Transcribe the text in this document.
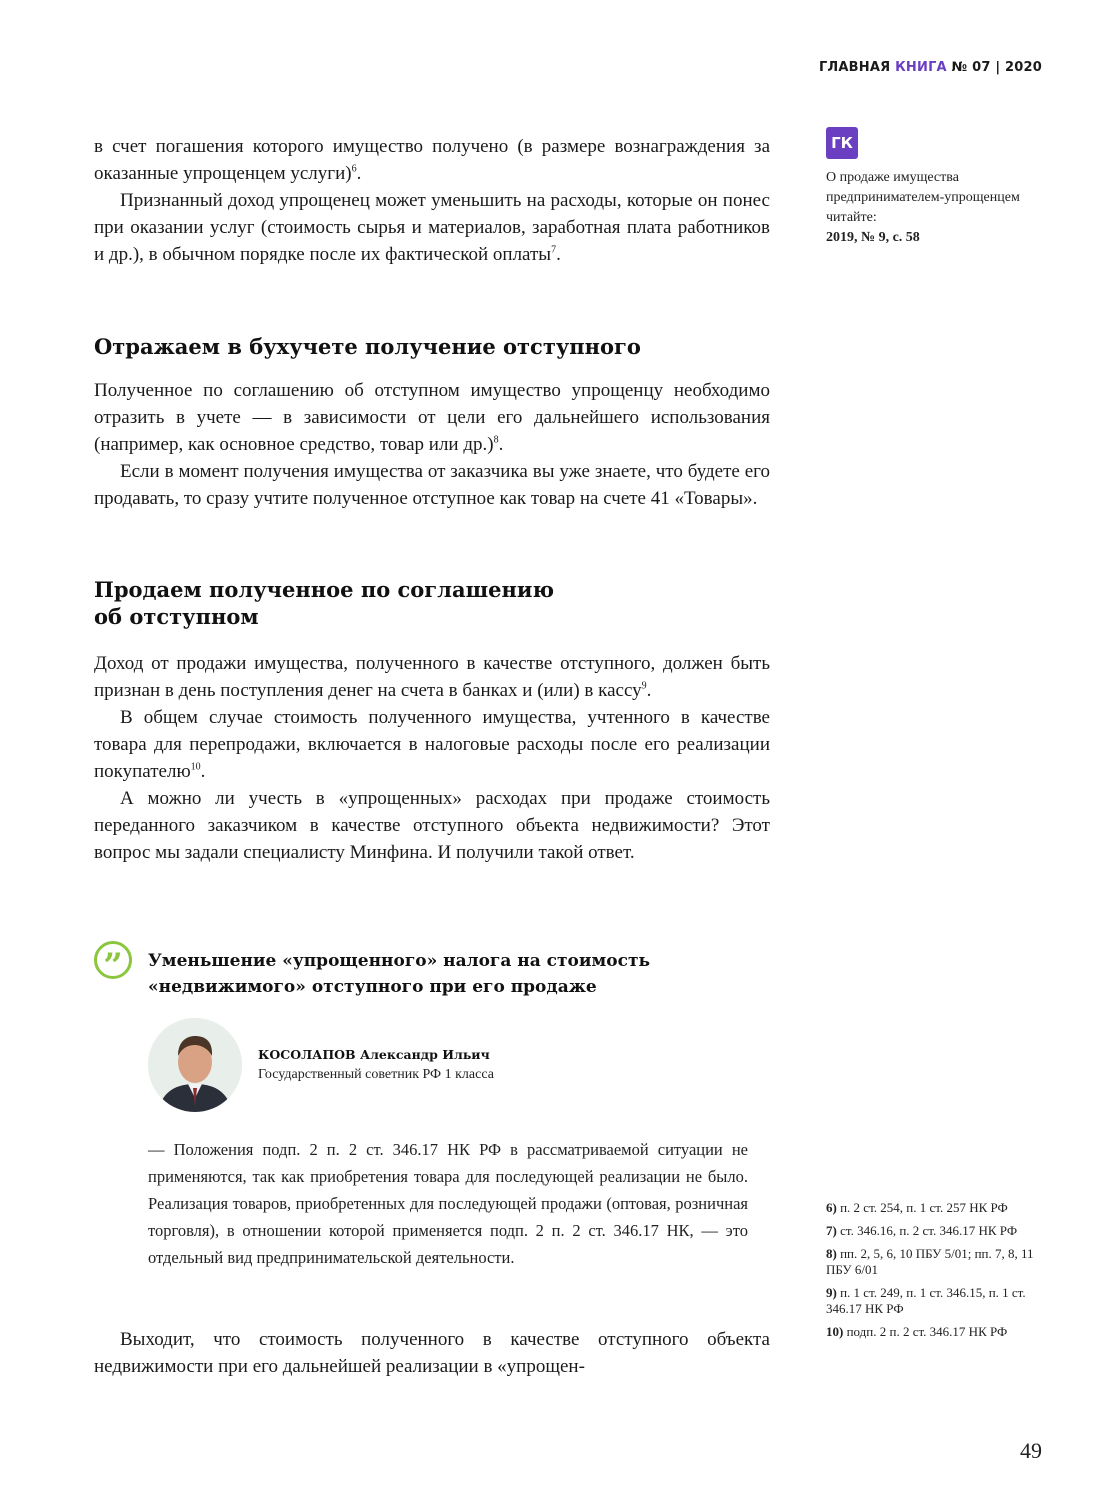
ГЛАВНАЯ КНИГА № 07 | 2020

в счет погашения которого имущество получено (в размере вознаграждения за оказанные упрощенцем услуги)$^6$.

Признанный доход упрощенец может уменьшить на расходы, которые он понес при оказании услуг (стоимость сырья и материалов, заработная плата работников и др.), в обычном порядке после их фактической оплаты$^7$.

Отражаем в бухучете получение отступного

Полученное по соглашению об отступном имущество упрощенцу необходимо отразить в учете — в зависимости от цели его дальнейшего использования (например, как основное средство, товар или др.)$^8$.

Если в момент получения имущества от заказчика вы уже знаете, что будете его продавать, то сразу учтите полученное отступное как товар на счете 41 «Товары».

Продаем полученное по соглашению
об отступном

Доход от продажи имущества, полученного в качестве отступного, должен быть признан в день поступления денег на счета в банках и (или) в кассу$^9$.

В общем случае стоимость полученного имущества, учтенного в качестве товара для перепродажи, включается в налоговые расходы после его реализации покупателю$^{10}$.

А можно ли учесть в «упрощенных» расходах при продаже стоимость переданного заказчиком в качестве отступного объекта недвижимости? Этот вопрос мы задали специалисту Минфина. И получили такой ответ.

”	Уменьшение «упрощенного» налога на стоимость
«недвижимого» отступного при его продаже
КОСОЛАПОВ Александр Ильич
Государственный советник РФ 1 класса

— Положения подп. 2 п. 2 ст. 346.17 НК РФ в рассматриваемой ситуации не применяются, так как приобретения товара для последующей реализации не было. Реализация товаров, приобретенных для последующей продажи (оптовая, розничная торговля), в отношении которой применяется подп. 2 п. 2 ст. 346.17 НК, — это отдельный вид предпринимательской деятельности.

Выходит, что стоимость полученного в качестве отступного объекта недвижимости при его дальнейшей реализации в «упрощен-

ГК
О продаже имущества предпринимателем-упрощенцем читайте:
2019, № 9, с. 58
6) п. 2 ст. 254, п. 1 ст. 257 НК РФ
7) ст. 346.16, п. 2 ст. 346.17 НК РФ
8) пп. 2, 5, 6, 10 ПБУ 5/01; пп. 7, 8, 11 ПБУ 6/01
9) п. 1 ст. 249, п. 1 ст. 346.15, п. 1 ст. 346.17 НК РФ
10) подп. 2 п. 2 ст. 346.17 НК РФ
49
